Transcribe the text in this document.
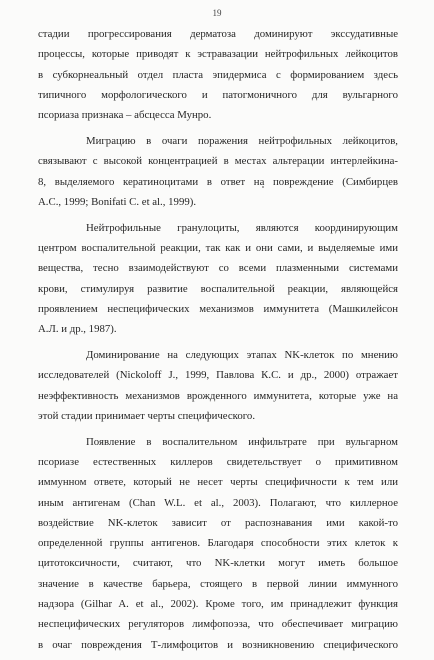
19

стадии прогрессирования дерматоза доминируют экссудативные
процессы, которые приводят к эстравазации нейтрофильных лейкоцитов
в субкорнеальный отдел пласта эпидермиса с формированием здесь
типичного морфологического и патогмоничного для вульгарного
псориаза признака – абсцесса Мунро.

Миграцию в очаги поражения нейтрофильных лейкоцитов,
связывают с высокой концентрацией в местах альтерации интерлейкина-
8, выделяемого кератиноцитами в ответ на повреждение (Симбирцев
А.С., 1999; Bonifati C. et al., 1999).

Нейтрофильные гранулоциты, являются координирующим
центром воспалительной реакции, так как и они сами, и выделяемые ими
вещества, тесно взаимодействуют со всеми плазменными системами
крови, стимулируя развитие воспалительной реакции, являющейся
проявлением неспецифических механизмов иммунитета (Машкилейсон
А.Л. и др., 1987).

Доминирование на следующих этапах NK-клеток по мнению
исследователей (Nickoloff J., 1999, Павлова К.С. и др., 2000) отражает
неэффективность механизмов врожденного иммунитета, которые уже на
этой стадии принимает черты специфического.

Появление в воспалительном инфильтрате при вульгарном
псориазе естественных киллеров свидетельствует о примитивном
иммунном ответе, который не несет черты специфичности к тем или
иным антигенам (Chan W.L. et al., 2003). Полагают, что киллерное
воздействие NK-клеток зависит от распознавания ими какой-то
определенной группы антигенов. Благодаря способности этих клеток к
цитотоксичности, считают, что NK-клетки могут иметь большое
значение в качестве барьера, стоящего в первой линии иммунного
надзора (Gilhar A. et al., 2002). Кроме того, им принадлежит функция
неспецифических регуляторов лимфопоэза, что обеспечивает миграцию
в очаг повреждения Т-лимфоцитов и возникновению специфического
